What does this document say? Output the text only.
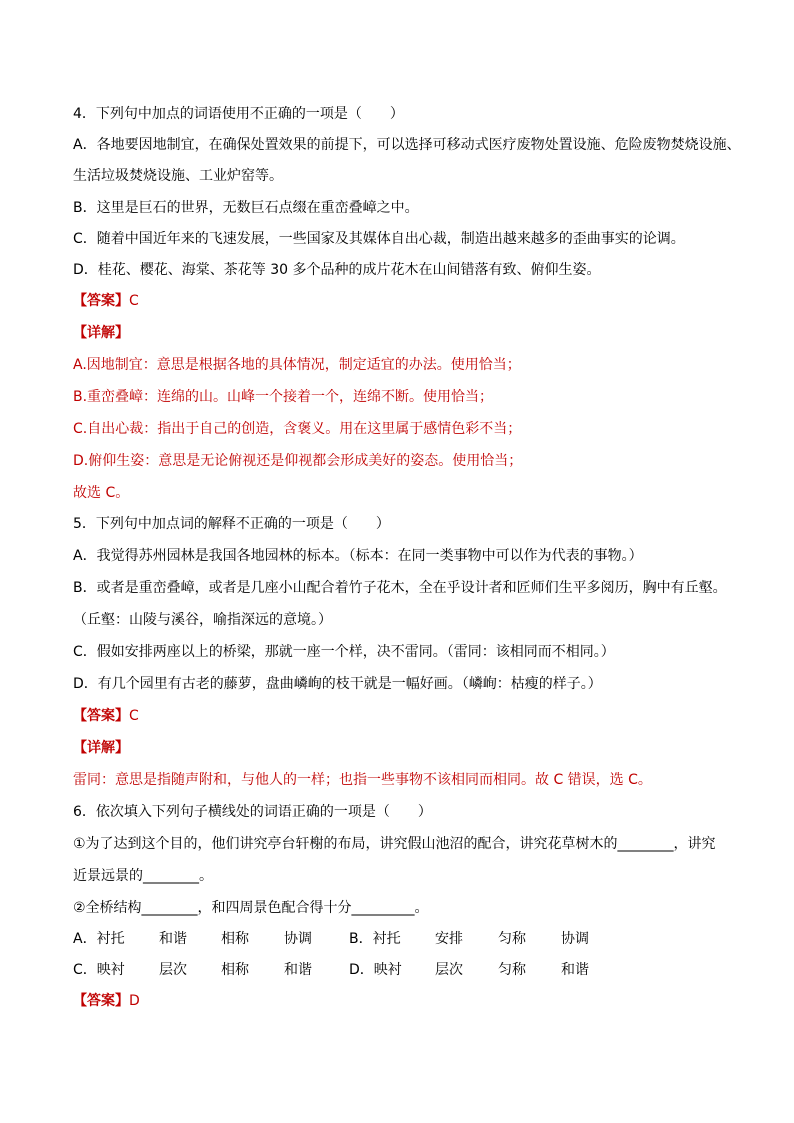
4．下列句中加点的词语使用不正确的一项是（　　）
A．各地要因地制宜，在确保处置效果的前提下，可以选择可移动式医疗废物处置设施、危险废物焚烧设施、
生活垃圾焚烧设施、工业炉窑等。
B．这里是巨石的世界，无数巨石点缀在重峦叠嶂之中。
C．随着中国近年来的飞速发展，一些国家及其媒体自出心裁，制造出越来越多的歪曲事实的论调。
D．桂花、樱花、海棠、茶花等 30 多个品种的成片花木在山间错落有致、俯仰生姿。
【答案】C
【详解】
A.因地制宜：意思是根据各地的具体情况，制定适宜的办法。使用恰当；
B.重峦叠嶂：连绵的山。山峰一个接着一个，连绵不断。使用恰当；
C.自出心裁：指出于自己的创造，含褒义。用在这里属于感情色彩不当；
D.俯仰生姿：意思是无论俯视还是仰视都会形成美好的姿态。使用恰当；
故选 C。
5．下列句中加点词的解释不正确的一项是（　　）
A．我觉得苏州园林是我国各地园林的标本。（标本：在同一类事物中可以作为代表的事物。）
B．或者是重峦叠嶂，或者是几座小山配合着竹子花木，全在乎设计者和匠师们生平多阅历，胸中有丘壑。
（丘壑：山陵与溪谷，喻指深远的意境。）
C．假如安排两座以上的桥梁，那就一座一个样，决不雷同。（雷同：该相同而不相同。）
D．有几个园里有古老的藤萝，盘曲嶙峋的枝干就是一幅好画。（嶙峋：枯瘦的样子。）
【答案】C
【详解】
雷同：意思是指随声附和，与他人的一样；也指一些事物不该相同而相同。故 C 错误，选 C。
6．依次填入下列句子横线处的词语正确的一项是（　　）
①为了达到这个目的，他们讲究亭台轩榭的布局，讲究假山池沼的配合，讲究花草树木的________，讲究
近景远景的________。
②全桥结构________，和四周景色配合得十分_________。
A．衬托 和谐 相称	协调	B．衬托 安排	匀称	协调
C．映衬 层次 相称	和谐	D．映衬 层次	匀称	和谐
【答案】D
